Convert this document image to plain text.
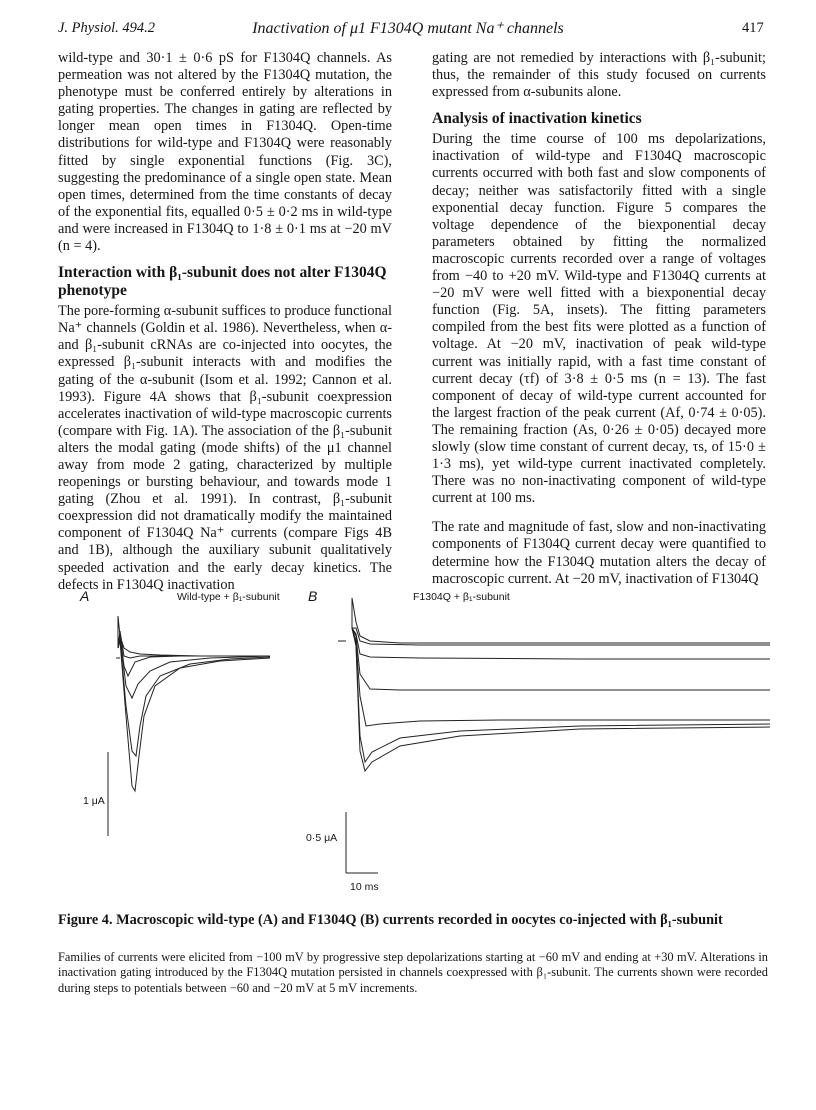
J. Physiol. 494.2	Inactivation of μ1 F1304Q mutant Na⁺ channels	417

wild-type and 30·1 ± 0·6 pS for F1304Q channels. As permeation was not altered by the F1304Q mutation, the phenotype must be conferred entirely by alterations in gating properties. The changes in gating are reflected by longer mean open times in F1304Q. Open-time distributions for wild-type and F1304Q were reasonably fitted by single exponential functions (Fig. 3C), suggesting the predominance of a single open state. Mean open times, determined from the time constants of decay of the exponential fits, equalled 0·5 ± 0·2 ms in wild-type and were increased in F1304Q to 1·8 ± 0·1 ms at −20 mV (n = 4).

Interaction with β₁-subunit does not alter F1304Q phenotype

The pore-forming α-subunit suffices to produce functional Na⁺ channels (Goldin et al. 1986). Nevertheless, when α- and β₁-subunit cRNAs are co-injected into oocytes, the expressed β₁-subunit interacts with and modifies the gating of the α-subunit (Isom et al. 1992; Cannon et al. 1993). Figure 4A shows that β₁-subunit coexpression accelerates inactivation of wild-type macroscopic currents (compare with Fig. 1A). The association of the β₁-subunit alters the modal gating (mode shifts) of the μ1 channel away from mode 2 gating, characterized by multiple reopenings or bursting behaviour, and towards mode 1 gating (Zhou et al. 1991). In contrast, β₁-subunit coexpression did not dramatically modify the maintained component of F1304Q Na⁺ currents (compare Figs 4B and 1B), although the auxiliary subunit qualitatively speeded activation and the early decay kinetics. The defects in F1304Q inactivation

gating are not remedied by interactions with β₁-subunit; thus, the remainder of this study focused on currents expressed from α-subunits alone.

Analysis of inactivation kinetics

During the time course of 100 ms depolarizations, inactivation of wild-type and F1304Q macroscopic currents occurred with both fast and slow components of decay; neither was satisfactorily fitted with a single exponential decay function. Figure 5 compares the voltage dependence of the biexponential decay parameters obtained by fitting the normalized macroscopic currents recorded over a range of voltages from −40 to +20 mV. Wild-type and F1304Q currents at −20 mV were well fitted with a biexponential decay function (Fig. 5A, insets). The fitting parameters compiled from the best fits were plotted as a function of voltage. At −20 mV, inactivation of peak wild-type current was initially rapid, with a fast time constant of current decay (τf) of 3·8 ± 0·5 ms (n = 13). The fast component of decay of wild-type current accounted for the largest fraction of the peak current (Af, 0·74 ± 0·05). The remaining fraction (As, 0·26 ± 0·05) decayed more slowly (slow time constant of current decay, τs, of 15·0 ± 1·3 ms), yet wild-type current inactivated completely. There was no non-inactivating component of wild-type current at 100 ms.

The rate and magnitude of fast, slow and non-inactivating components of F1304Q current decay were quantified to determine how the F1304Q mutation alters the decay of macroscopic current. At −20 mV, inactivation of F1304Q

A	Wild-type + β₁-subunit B	F1304Q + β₁-subunit
1 μA
0·5 μA
10 ms
Figure 4. Macroscopic wild-type (A) and F1304Q (B) currents recorded in oocytes co-injected with β₁-subunit
Families of currents were elicited from −100 mV by progressive step depolarizations starting at −60 mV and ending at +30 mV. Alterations in inactivation gating introduced by the F1304Q mutation persisted in channels coexpressed with β₁-subunit. The currents shown were recorded during steps to potentials between −60 and −20 mV at 5 mV increments.
